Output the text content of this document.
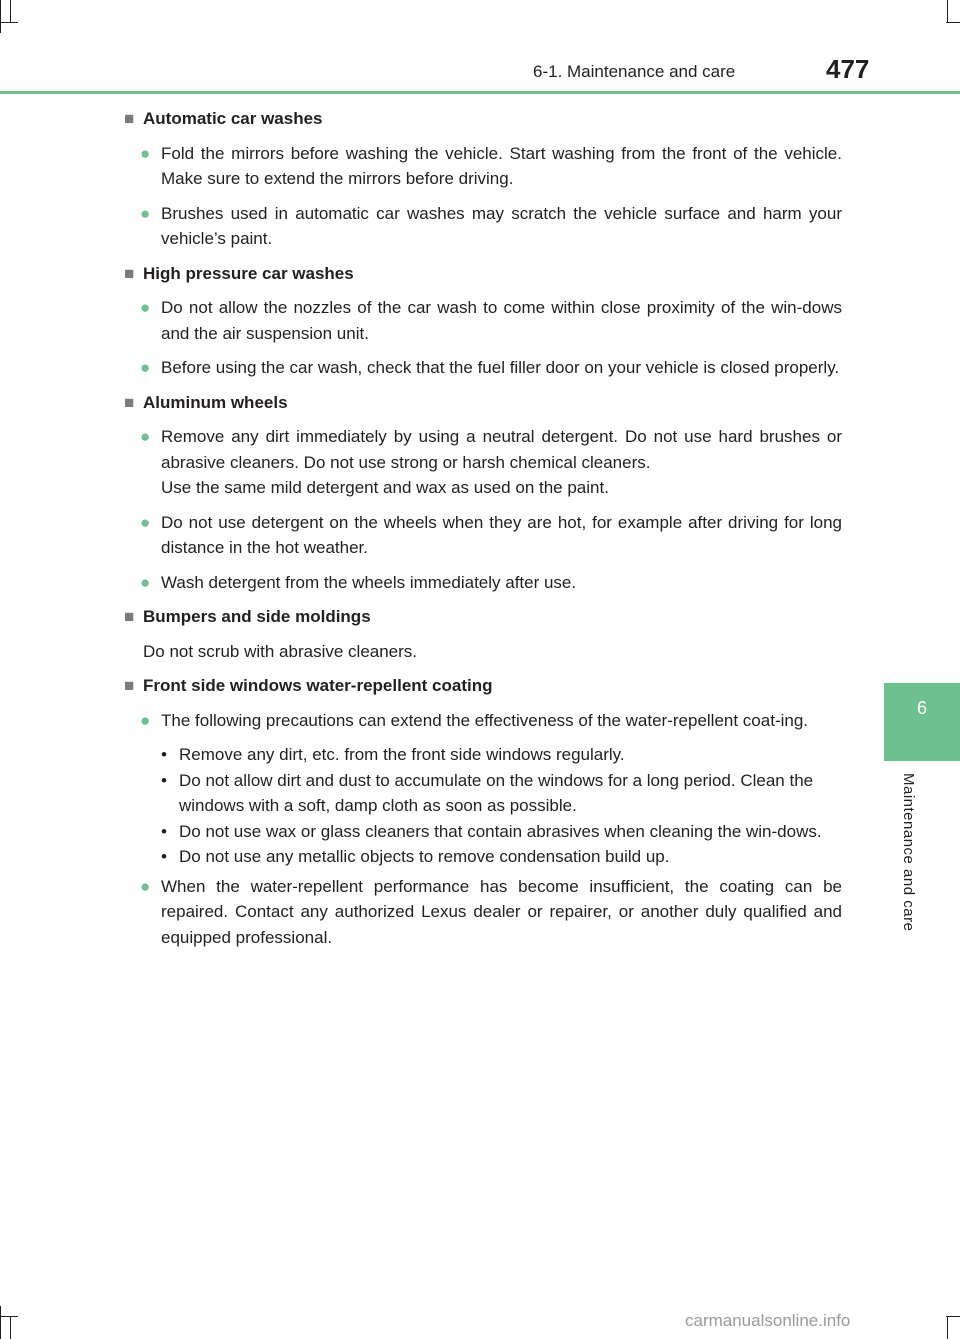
6-1. Maintenance and care	477
6
Maintenance and care

■ Automatic car washes

● Fold the mirrors before washing the vehicle. Start washing from the front of the vehicle. Make sure to extend the mirrors before driving.

● Brushes used in automatic car washes may scratch the vehicle surface and harm your vehicle’s paint.

■ High pressure car washes

● Do not allow the nozzles of the car wash to come within close proximity of the win-dows and the air suspension unit.

● Before using the car wash, check that the fuel filler door on your vehicle is closed properly.

■ Aluminum wheels

● Remove any dirt immediately by using a neutral detergent. Do not use hard brushes or abrasive cleaners. Do not use strong or harsh chemical cleaners.
Use the same mild detergent and wax as used on the paint.

● Do not use detergent on the wheels when they are hot, for example after driving for long distance in the hot weather.

● Wash detergent from the wheels immediately after use.

■ Bumpers and side moldings

Do not scrub with abrasive cleaners.

■ Front side windows water-repellent coating

● The following precautions can extend the effectiveness of the water-repellent coat-ing.

• Remove any dirt, etc. from the front side windows regularly.

• Do not allow dirt and dust to accumulate on the windows for a long period. Clean the windows with a soft, damp cloth as soon as possible.

• Do not use wax or glass cleaners that contain abrasives when cleaning the win-dows.

• Do not use any metallic objects to remove condensation build up.

● When the water-repellent performance has become insufficient, the coating can be repaired. Contact any authorized Lexus dealer or repairer, or another duly qualified and equipped professional.

carmanualsonline.info
